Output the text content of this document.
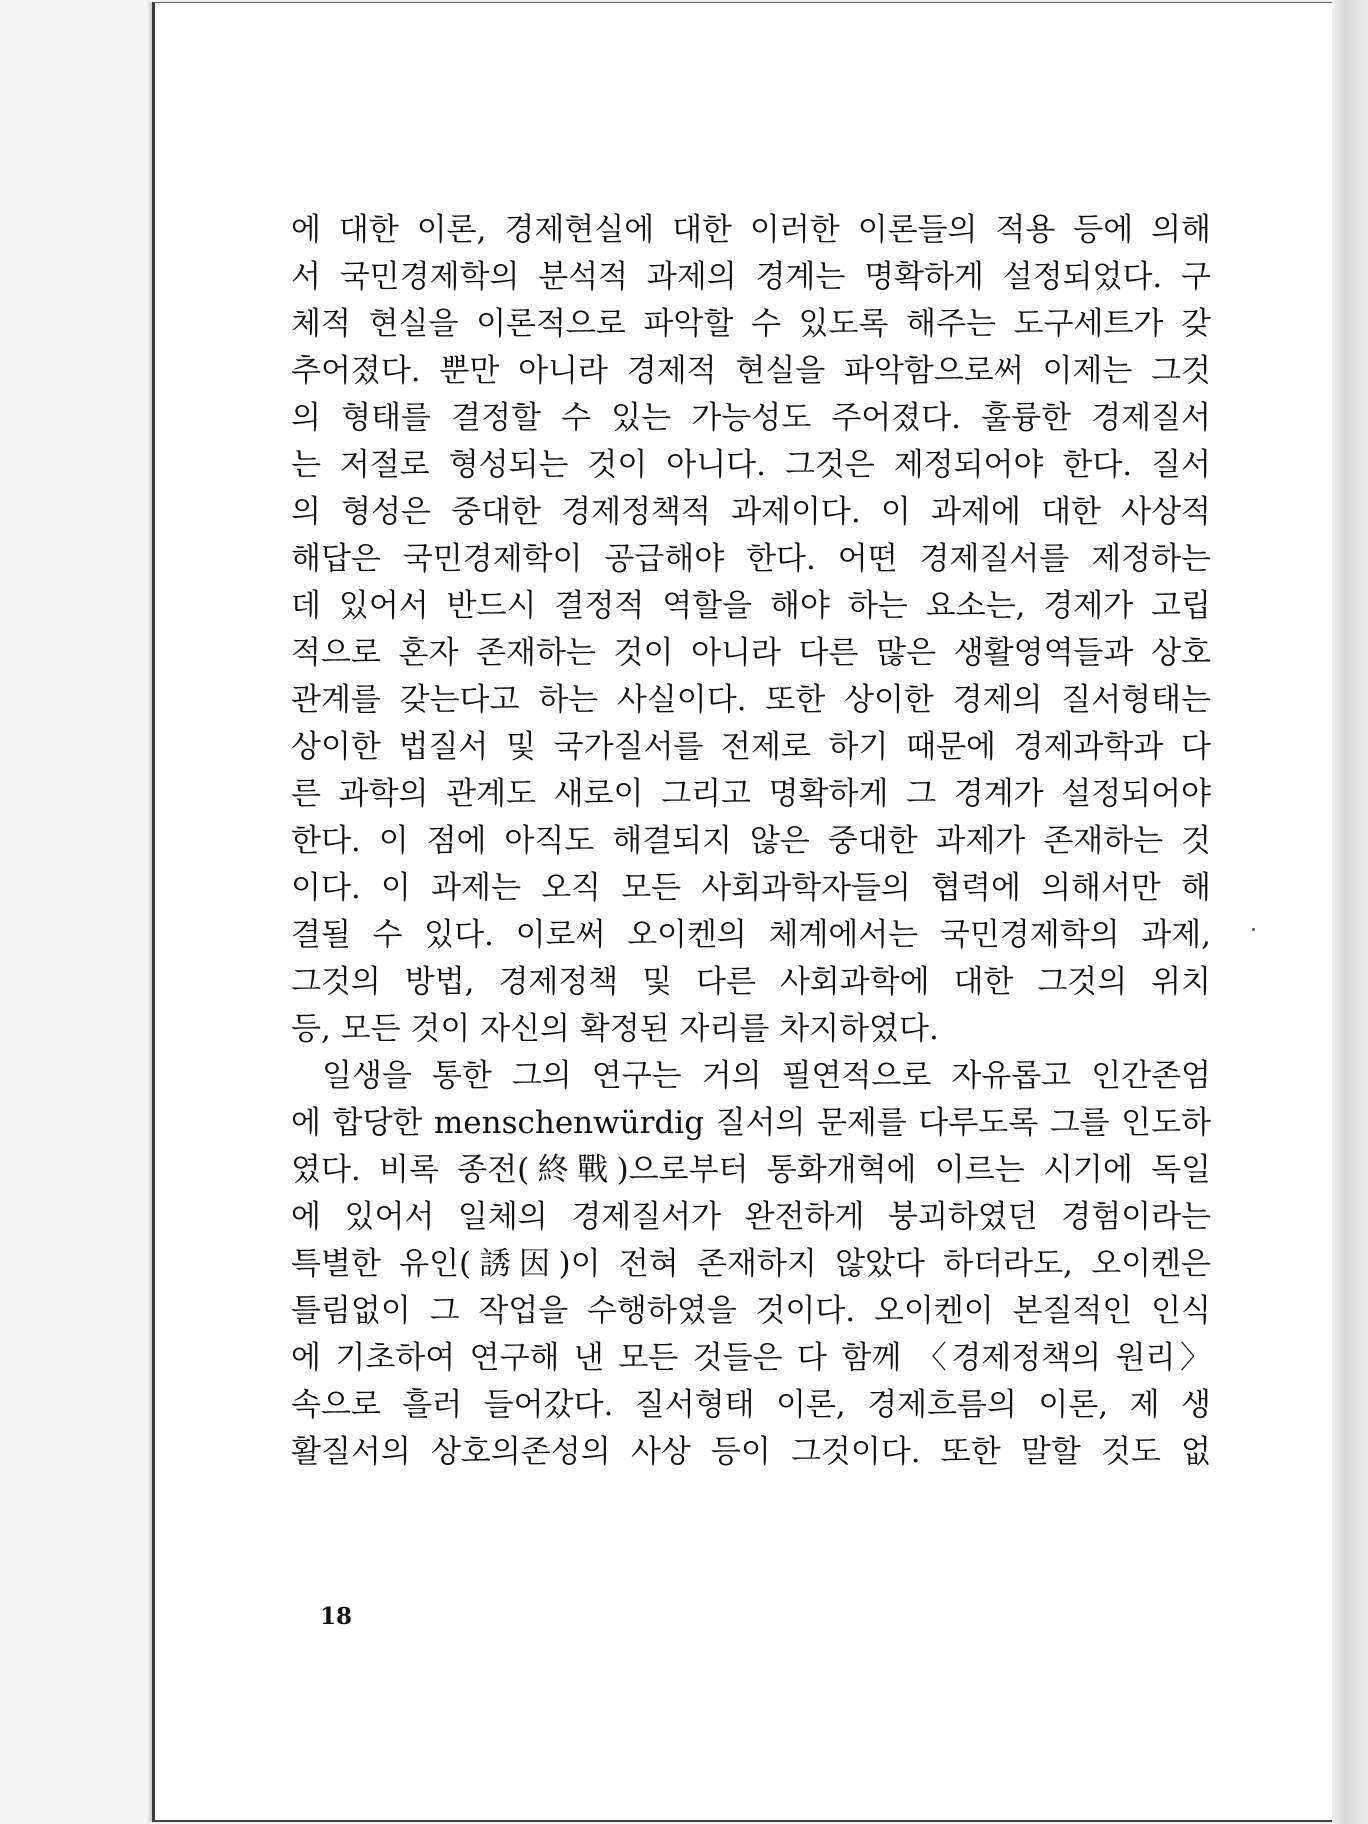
에 대한 이론, 경제현실에 대한 이러한 이론들의 적용 등에 의해
서 국민경제학의 분석적 과제의 경계는 명확하게 설정되었다. 구
체적 현실을 이론적으로 파악할 수 있도록 해주는 도구세트가 갖
추어졌다. 뿐만 아니라 경제적 현실을 파악함으로써 이제는 그것
의 형태를 결정할 수 있는 가능성도 주어졌다. 훌륭한 경제질서
는 저절로 형성되는 것이 아니다. 그것은 제정되어야 한다. 질서
의 형성은 중대한 경제정책적 과제이다. 이 과제에 대한 사상적
해답은 국민경제학이 공급해야 한다. 어떤 경제질서를 제정하는
데 있어서 반드시 결정적 역할을 해야 하는 요소는, 경제가 고립
적으로 혼자 존재하는 것이 아니라 다른 많은 생활영역들과 상호
관계를 갖는다고 하는 사실이다. 또한 상이한 경제의 질서형태는
상이한 법질서 및 국가질서를 전제로 하기 때문에 경제과학과 다
른 과학의 관계도 새로이 그리고 명확하게 그 경계가 설정되어야
한다. 이 점에 아직도 해결되지 않은 중대한 과제가 존재하는 것
이다. 이 과제는 오직 모든 사회과학자들의 협력에 의해서만 해
결될 수 있다. 이로써 오이켄의 체계에서는 국민경제학의 과제,
그것의 방법, 경제정책 및 다른 사회과학에 대한 그것의 위치
등, 모든 것이 자신의 확정된 자리를 차지하였다.
일생을 통한 그의 연구는 거의 필연적으로 자유롭고 인간존엄
에 합당한 menschenwürdig 질서의 문제를 다루도록 그를 인도하
였다. 비록 종전(終戰)으로부터 통화개혁에 이르는 시기에 독일
에 있어서 일체의 경제질서가 완전하게 붕괴하였던 경험이라는
특별한 유인(誘因)이 전혀 존재하지 않았다 하더라도, 오이켄은
틀림없이 그 작업을 수행하였을 것이다. 오이켄이 본질적인 인식
에 기초하여 연구해 낸 모든 것들은 다 함께 〈경제정책의 원리〉
속으로 흘러 들어갔다. 질서형태 이론, 경제흐름의 이론, 제 생
활질서의 상호의존성의 사상 등이 그것이다. 또한 말할 것도 없
18
